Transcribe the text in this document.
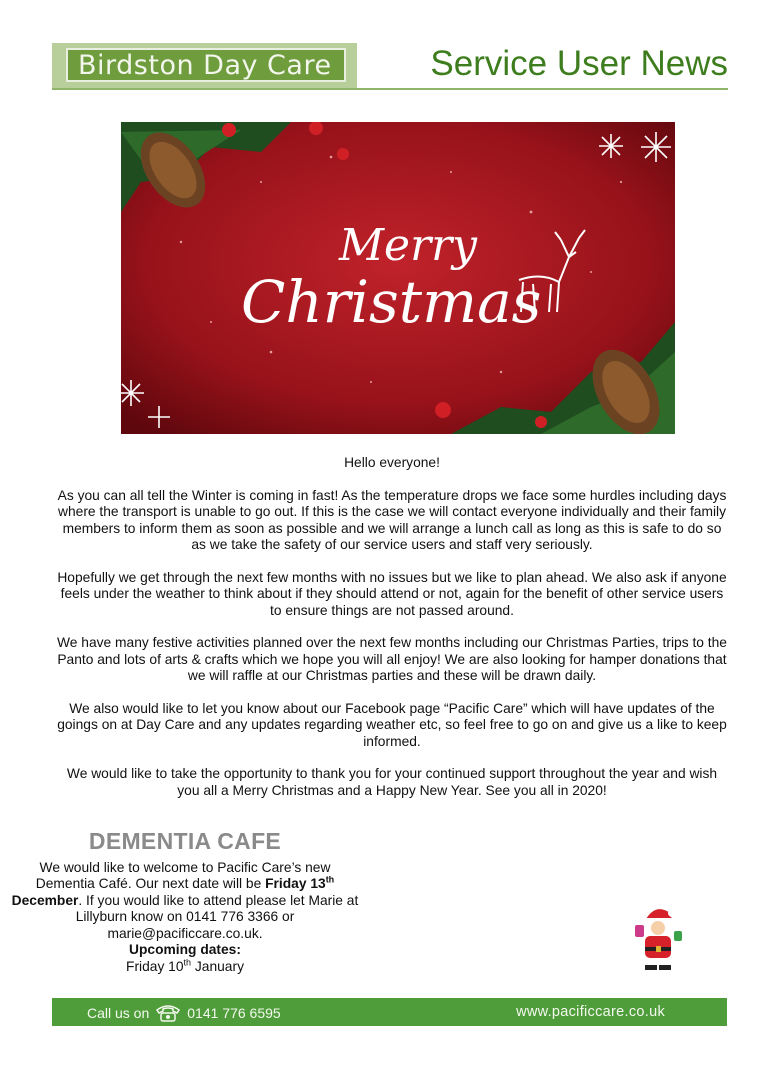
Birdston Day Care	Service User News
Merry
Christmas

Hello everyone!

As you can all tell the Winter is coming in fast! As the temperature drops we face some hurdles including days where the transport is unable to go out. If this is the case we will contact everyone individually and their family members to inform them as soon as possible and we will arrange a lunch call as long as this is safe to do so as we take the safety of our service users and staff very seriously.

Hopefully we get through the next few months with no issues but we like to plan ahead. We also ask if anyone feels under the weather to think about if they should attend or not, again for the benefit of other service users to ensure things are not passed around.

We have many festive activities planned over the next few months including our Christmas Parties, trips to the Panto and lots of arts & crafts which we hope you will all enjoy! We are also looking for hamper donations that we will raffle at our Christmas parties and these will be drawn daily.

We also would like to let you know about our Facebook page “Pacific Care” which will have updates of the goings on at Day Care and any updates regarding weather etc, so feel free to go on and give us a like to keep informed.

We would like to take the opportunity to thank you for your continued support throughout the year and wish you all a Merry Christmas and a Happy New Year. See you all in 2020!

DEMENTIA CAFE

We would like to welcome to Pacific Care’s new Dementia Café. Our next date will be Friday 13th
December. If you would like to attend please let Marie at Lillyburn know on 0141 776 3366 or marie@pacificcare.co.uk.

Upcoming dates:

Friday 10th January

Call us on	0141 776 6595	www.pacificcare.co.uk
